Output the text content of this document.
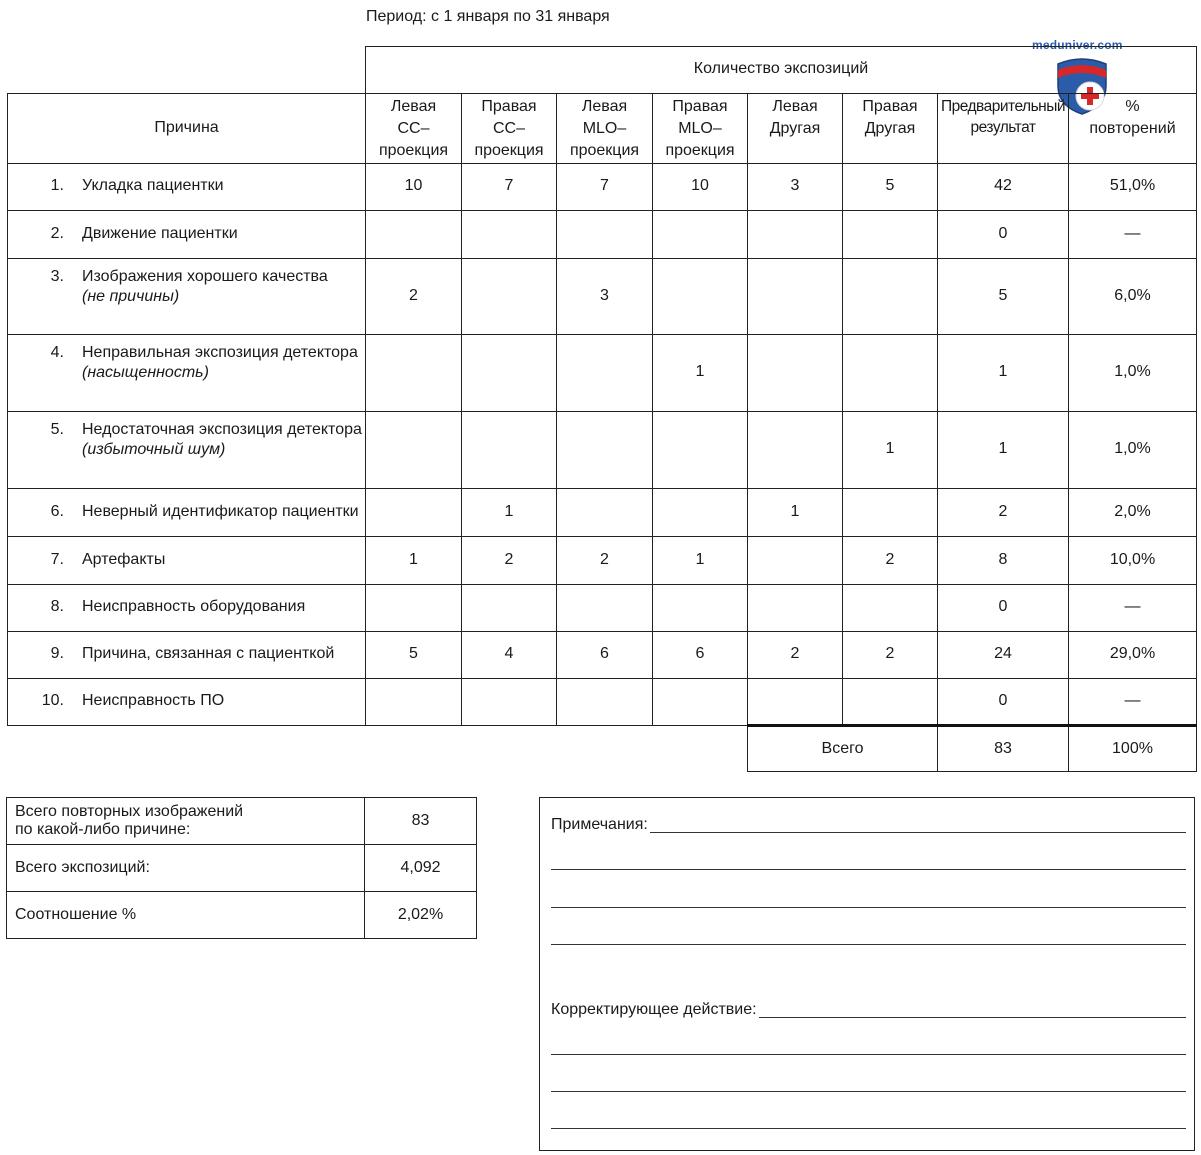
Период: с 1 января по 31 января
meduniver.com
	Количество экспозиций							
Причина	Левая
СС–
проекция	Правая
СС–
проекция	Левая
MLO–
проекция	Правая
MLO–
проекция	Левая
Другая	Правая
Другая	Предварительный
результат	%
повторений

1. Укладка пациентки	10	7	7	10	3	5	42	51,0%

2. Движение пациентки							0	—

3. Изображения хорошего качества
(не причины)	2		3				5	6,0%

4. Неправильная экспозиция детектора
(насыщенность)				1			1	1,0%

5. Недостаточная экспозиция детектора
(избыточный шум)						1	1	1,0%

6. Неверный идентификатор пациентки		1			1		2	2,0%

7. Артефакты	1	2	2	1		2	8	10,0%

8. Неисправность оборудования							0	—

9. Причина, связанная с пациенткой	5	4	6	6	2	2	24	29,0%

10. Неисправность ПО							0	—
					Всего		83	100%
Всего повторных изображений
по какой-либо причине:	83

Всего экспозиций:	4,092

Соотношение %	2,02%
Примечания:
Корректирующее действие:
